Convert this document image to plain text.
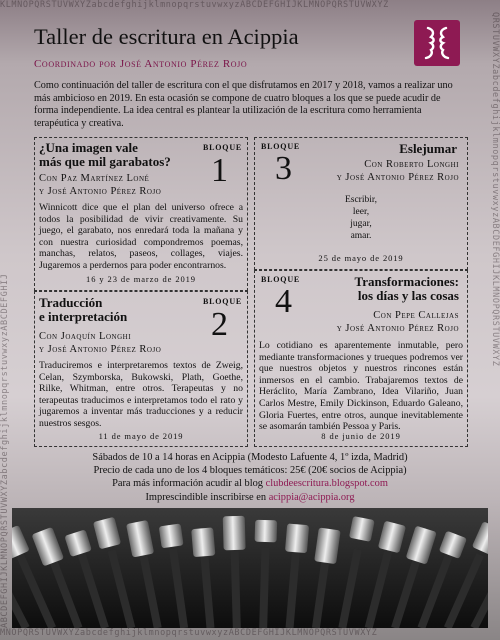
KLMNOPQRSTUVWXYZabcdefghijklmnopqrstuvwxyzABCDEFGHIJKLMNOPQRSTUVWXYZ
ABCDEFGHIJKLMNOPQRSTUVWXYZabcdefghijklmnopqrstuvwxyzABCDEFGHIJ
QRSTUVWXYZabcdefghijklmnopqrstuvwxyzABCDEFGHIJKLMNOPQRSTUVWXYZ
MNOPQRSTUVWXYZabcdefghijklmnopqrstuvwxyzABCDEFGHIJKLMNOPQRSTUVWXYZ
Taller de escritura en Acippia
Coordinado por José Antonio Pérez Rojo
Como continuación del taller de escritura con el que disfrutamos en 2017 y 2018, vamos a realizar uno más ambicioso en 2019. En esta ocasión se compone de cuatro bloques a los que se puede acudir de forma independiente. La idea central es plantear la utilización de la escritura como herramienta terapéutica y creativa.
¿Una imagen vale
más que mil garabatos?
BLOQUE
1
Con Paz Martínez Loné
y José Antonio Pérez Rojo
Winnicott dice que el plan del universo ofrece a todos la posibilidad de vivir creativamente. Su juego, el garabato, nos enredará toda la mañana y con nuestra curiosidad compondremos poemas, manchas, relatos, paseos, collages, viajes. Jugaremos a perdernos para poder encontrarnos.
16 y 23 de marzo de 2019
Traducción
e interpretación
BLOQUE
2
Con Joaquín Longhi
y José Antonio Pérez Rojo
Traduciremos e interpretaremos textos de Zweig, Celan, Szymborska, Bukowski, Plath, Goethe, Rilke, Whitman, entre otros. Terapeutas y no terapeutas traducimos e interpretamos todo el rato y jugaremos a inventar más traducciones y a reducir nuestros sesgos.
11 de mayo de 2019
BLOQUE
3
Eslejumar
Con Roberto Longhi
y José Antonio Pérez Rojo
Escribir,
leer,
jugar,
amar.
25 de mayo de 2019
BLOQUE
4
Transformaciones:
los días y las cosas
Con Pepe Callejas
y José Antonio Pérez Rojo
Lo cotidiano es aparentemente inmutable, pero mediante transformaciones y trueques podremos ver que nuestros objetos y nuestros rincones están inmersos en el cambio. Trabajaremos textos de Heráclito, María Zambrano, Idea Vilariño, Juan Carlos Mestre, Emily Dickinson, Eduardo Galeano, Gloria Fuertes, entre otros, aunque inevitablemente se asomarán también Pessoa y Paris.
8 de junio de 2019
Sábados de 10 a 14 horas en Acippia (Modesto Lafuente 4, 1º izda, Madrid)
Precio de cada uno de los 4 bloques temáticos: 25€ (20€ socios de Acippia)
Para más información acudir al blog clubdeescritura.blogspot.com
Imprescindible inscribirse en acippia@acippia.org
